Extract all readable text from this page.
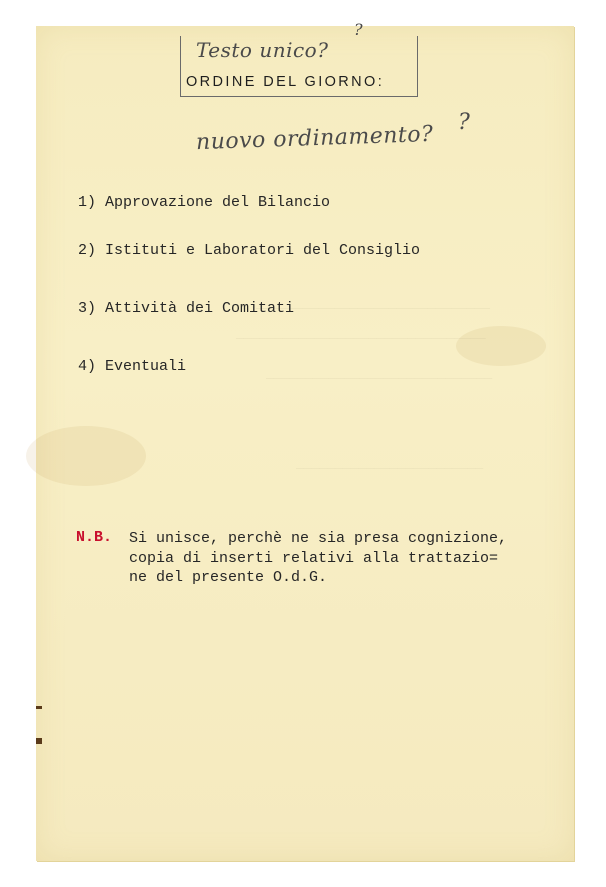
______________________________
________________________________
_____________________________
________________________
Testo unico?
?
ORDINE DEL GIORNO:
nuovo ordinamento? ?
1) Approvazione del Bilancio
2) Istituti e Laboratori del Consiglio
3) Attività dei Comitati
4) Eventuali
N.B. Si unisce, perchè ne sia presa cognizione,
copia di inserti relativi alla trattazio=
ne del presente O.d.G.
